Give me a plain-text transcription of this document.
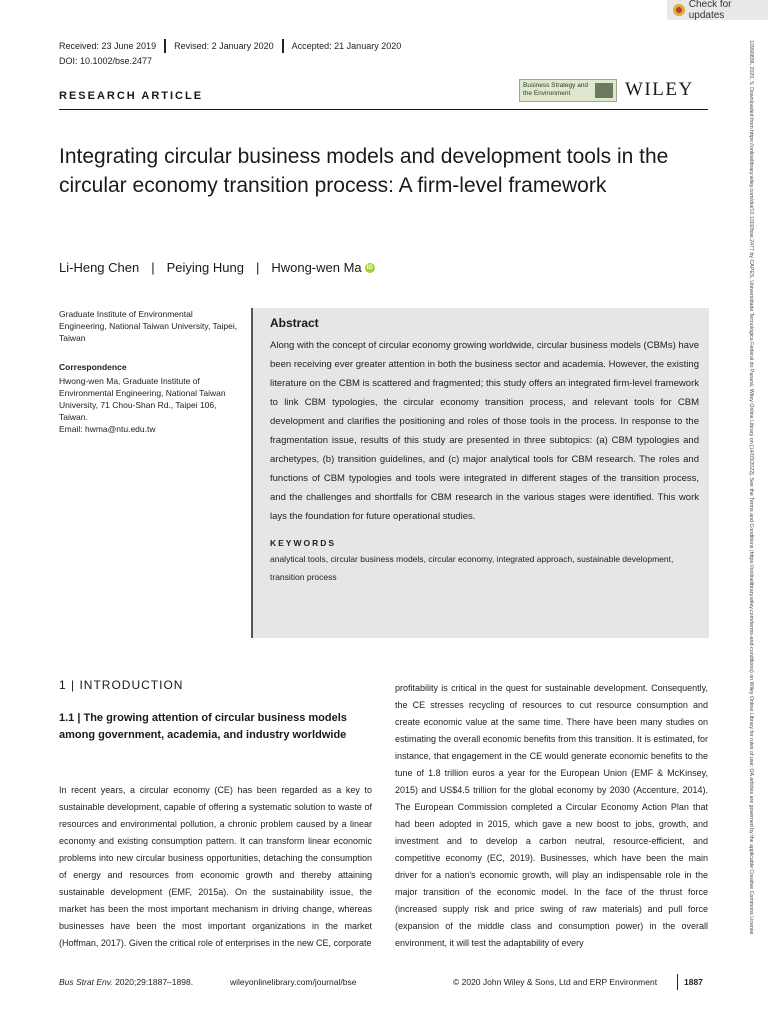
Check for updates
Received: 23 June 2019 Revised: 2 January 2020 Accepted: 21 January 2020
DOI: 10.1002/bse.2477
RESEARCH ARTICLE
Business Strategy and the Environment	WILEY
Integrating circular business models and development tools in the circular economy transition process: A firm-level framework
Li-Heng Chen | Peiying Hung | Hwong-wen Ma iD
Graduate Institute of Environmental Engineering, National Taiwan University, Taipei, Taiwan
Correspondence
Hwong-wen Ma, Graduate Institute of Environmental Engineering, National Taiwan University, 71 Chou-Shan Rd., Taipei 106, Taiwan.
Email: hwma@ntu.edu.tw
Abstract

Along with the concept of circular economy growing worldwide, circular business models (CBMs) have been receiving ever greater attention in both the business sector and academia. However, the existing literature on the CBM is scattered and fragmented; this study offers an integrated firm-level framework to link CBM typologies, the circular economy transition process, and relevant tools for CBM development and clarifies the positioning and roles of those tools in the process. In response to the fragmentation issue, results of this study are presented in three subtopics: (a) CBM typologies and archetypes, (b) transition guidelines, and (c) major analytical tools for CBM research. The roles and functions of CBM typologies and tools were integrated in different stages of the transition process, and the challenges and shortfalls for CBM research in the various stages were identified. This work lays the foundation for future operational studies.

KEYWORDS
analytical tools, circular business models, circular economy, integrated approach, sustainable development, transition process
1 | INTRODUCTION
1.1 | The growing attention of circular business models among government, academia, and industry worldwide

In recent years, a circular economy (CE) has been regarded as a key to sustainable development, capable of offering a systematic solution to waste of resources and environmental pollution, a chronic problem caused by a linear economy and existing consumption pattern. It can transform linear economic problems into new circular business opportunities, detaching the consumption of energy and resources from economic growth and thereby attaining sustainable development (EMF, 2015a). On the sustainability issue, the market has been the most important mechanism in driving change, whereas businesses have been the most important organizations in the market (Hoffman, 2017). Given the critical role of enterprises in the new CE, corporate

profitability is critical in the quest for sustainable development. Consequently, the CE stresses recycling of resources to cut resource consumption and create economic value at the same time. There have been many studies on estimating the overall economic benefits from this transition. It is estimated, for instance, that engagement in the CE would generate economic benefits to the tune of 1.8 trillion euros a year for the European Union (EMF & McKinsey, 2015) and US$4.5 trillion for the global economy by 2030 (Accenture, 2014). The European Commission completed a Circular Economy Action Plan that had been adopted in 2015, which gave a new boost to jobs, growth, and investment and to develop a carbon neutral, resource-efficient, and competitive economy (EC, 2019). Businesses, which have been the main driver for a nation's economic growth, will play an indispensable role in the major transition of the economic model. In the face of the thrust force (increased supply risk and price swing of raw materials) and pull force (expansion of the middle class and consumption power) in the overall environment, it will test the adaptability of every

Bus Strat Env. 2020;29:1887–1898.	wileyonlinelibrary.com/journal/bse	© 2020 John Wiley & Sons, Ltd and ERP Environment	1887
10990836, 2020, 5, Downloaded from https://onlinelibrary.wiley.com/doi/10.1002/bse.2477 by CAPES, Universidade Tecnológica Federal do Paraná, Wiley Online Library on [14/03/2022]. See the Terms and Conditions (https://onlinelibrary.wiley.com/terms-and-conditions) on Wiley Online Library for rules of use; OA articles are governed by the applicable Creative Commons License
